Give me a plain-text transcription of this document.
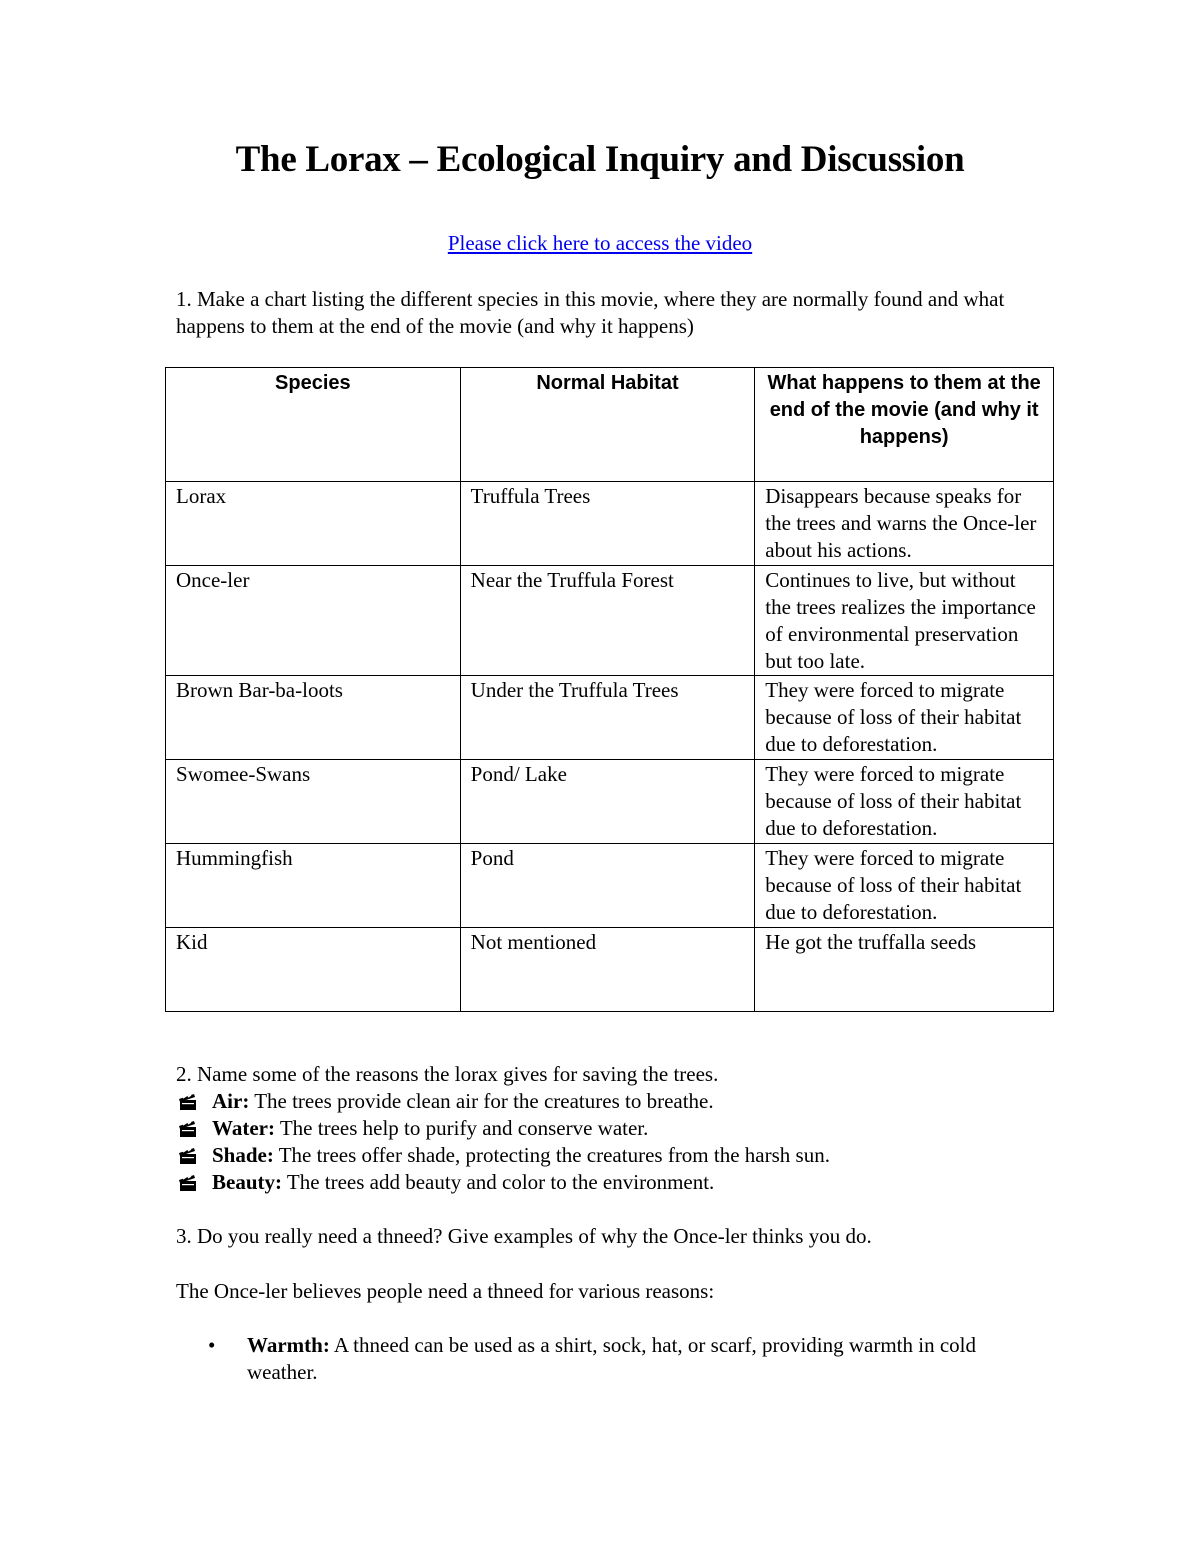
The Lorax – Ecological Inquiry and Discussion
Please click here to access the video
1. Make a chart listing the different species in this movie, where they are normally found and what happens to them at the end of the movie (and why it happens)
Species	Normal Habitat	What happens to them at the end of the movie (and why it happens)
Lorax	Truffula Trees	Disappears because speaks for the trees and warns the Once-ler about his actions.
Once-ler	Near the Truffula Forest	Continues to live, but without the trees realizes the importance of environmental preservation but too late.
Brown Bar-ba-loots	Under the Truffula Trees	They were forced to migrate because of loss of their habitat due to deforestation.
Swomee-Swans	Pond/ Lake	They were forced to migrate because of loss of their habitat due to deforestation.
Hummingfish	Pond	They were forced to migrate because of loss of their habitat due to deforestation.
Kid	Not mentioned	He got the truffalla seeds
2. Name some of the reasons the lorax gives for saving the trees.
Air: The trees provide clean air for the creatures to breathe.
Water: The trees help to purify and conserve water.
Shade: The trees offer shade, protecting the creatures from the harsh sun.
Beauty: The trees add beauty and color to the environment.
3. Do you really need a thneed? Give examples of why the Once-ler thinks you do.
The Once-ler believes people need a thneed for various reasons:
• Warmth: A thneed can be used as a shirt, sock, hat, or scarf, providing warmth in cold weather.
